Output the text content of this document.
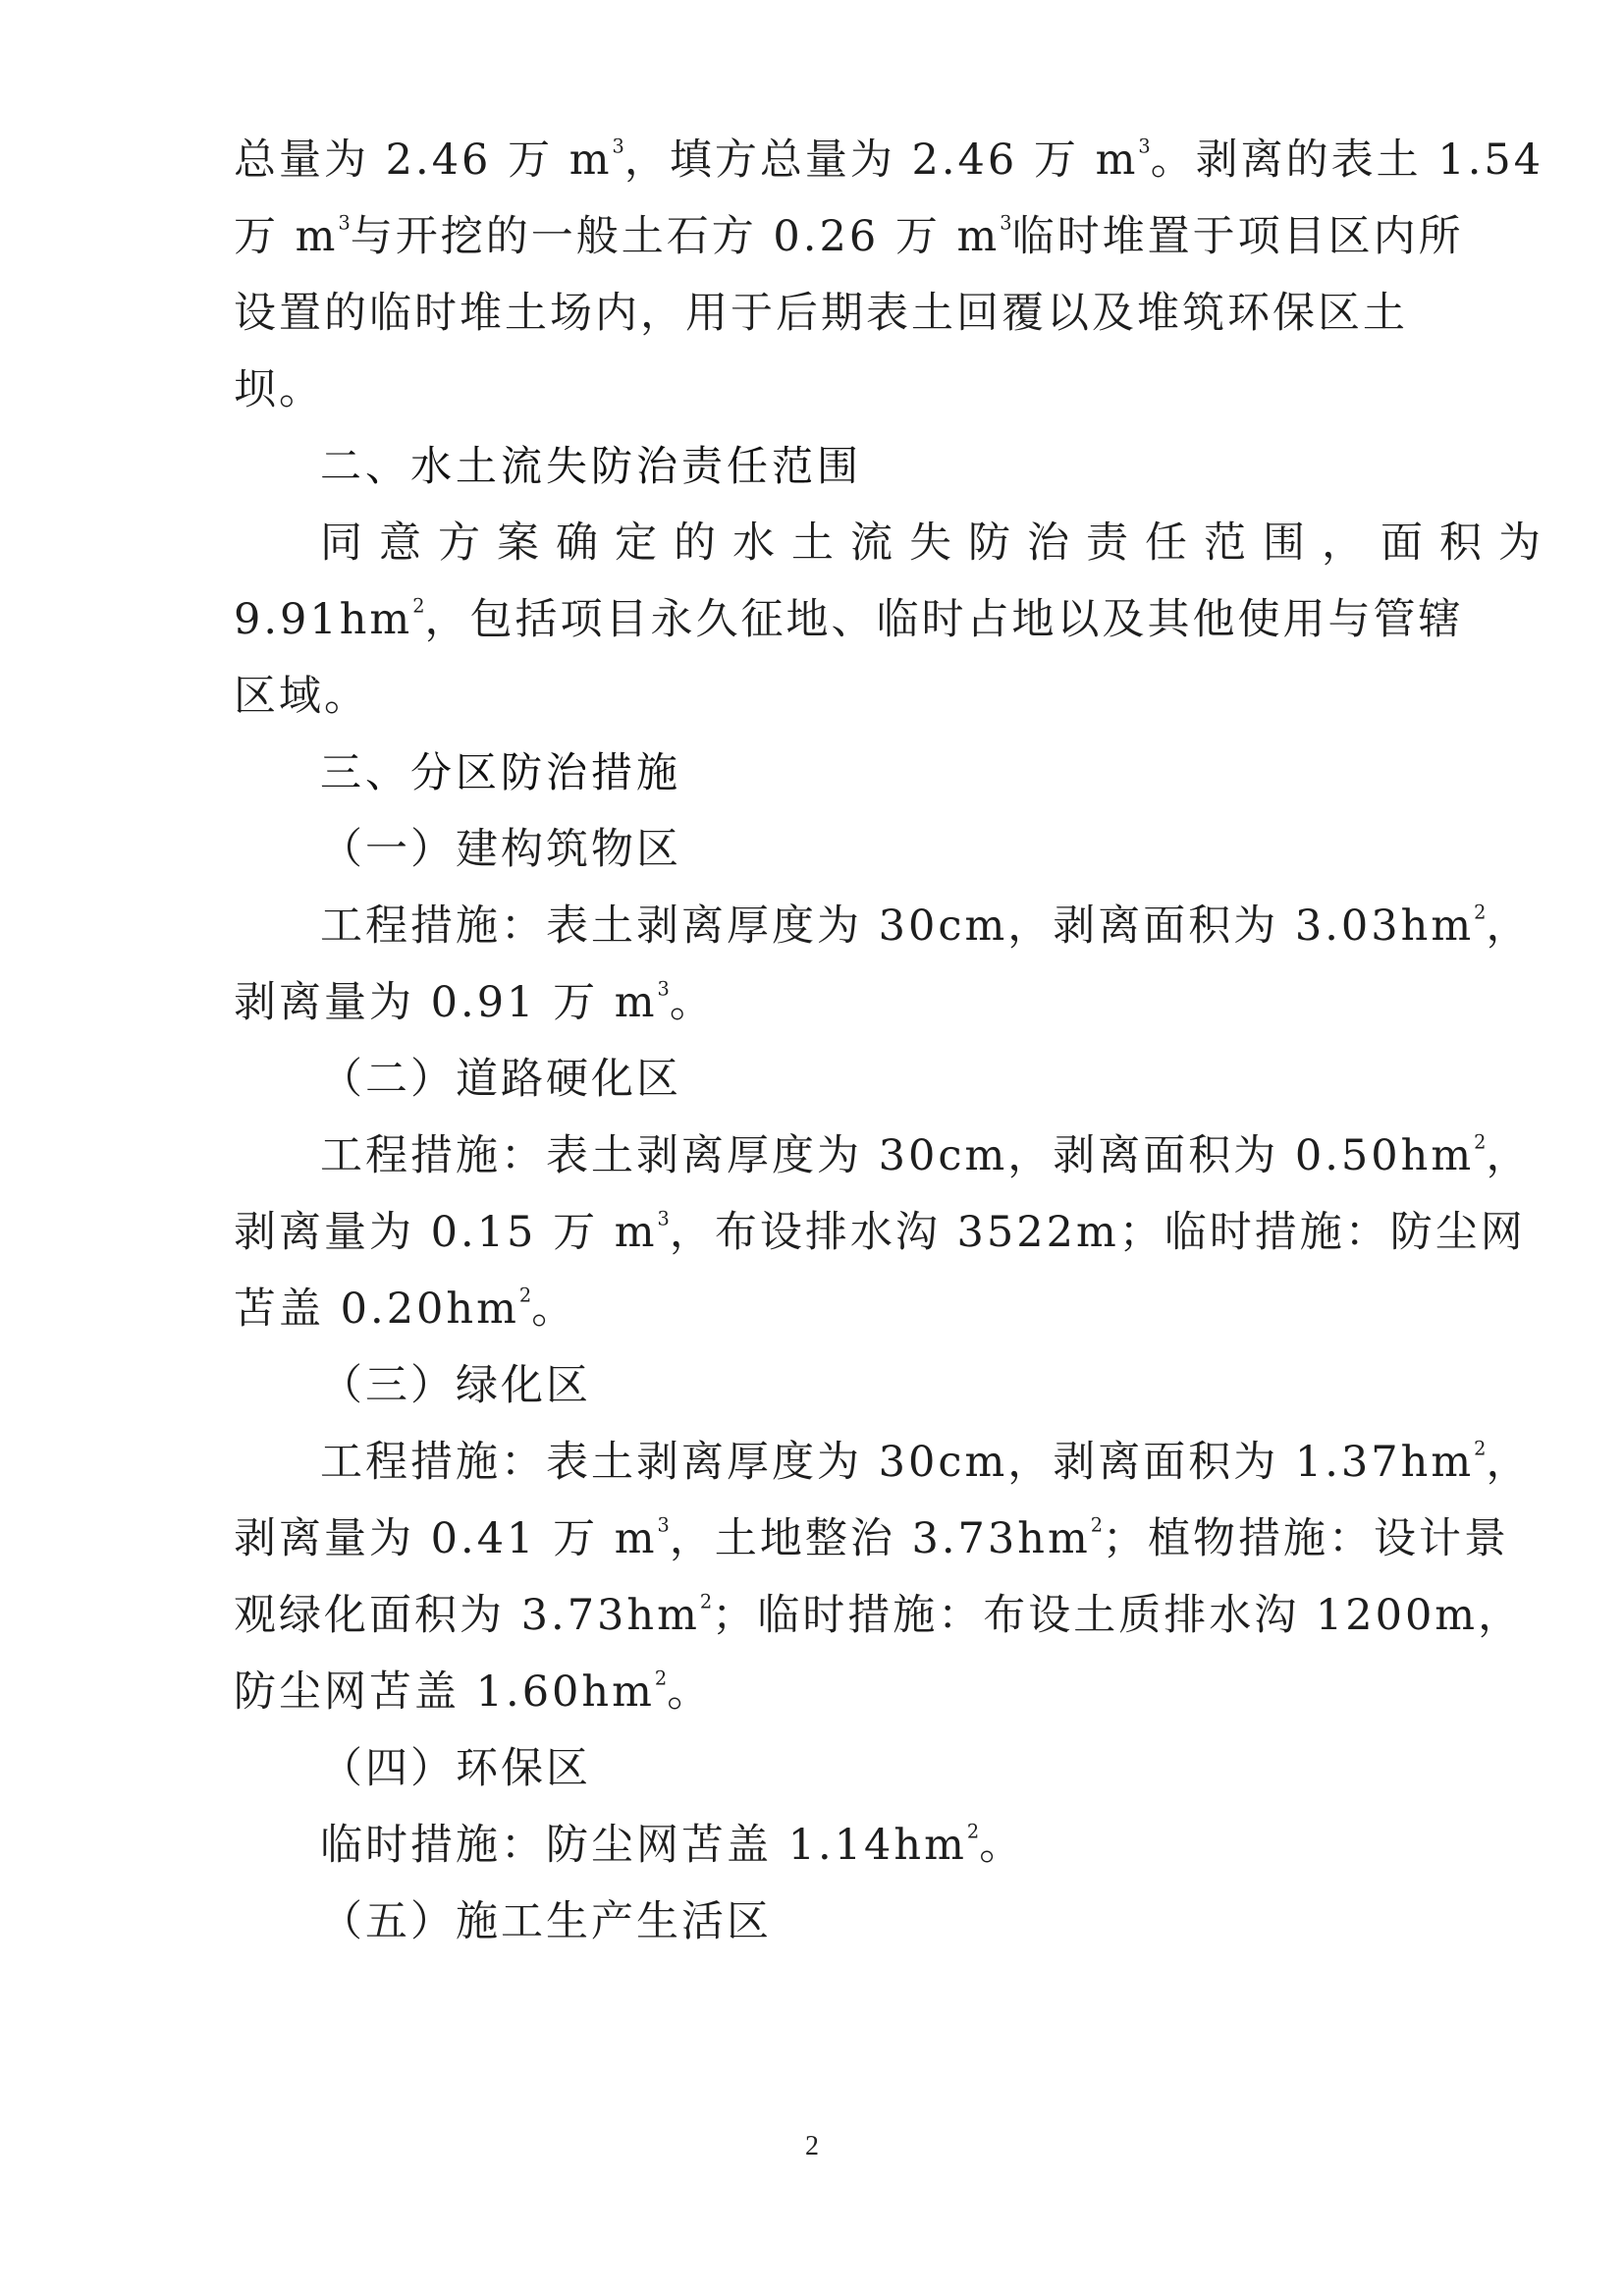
总量为 2.46 万 $m^3$，填方总量为 2.46 万 $m^3$。剥离的表土 1.54
万 $m^3$与开挖的一般土石方 0.26 万 $m^3$临时堆置于项目区内所
设置的临时堆土场内，用于后期表土回覆以及堆筑环保区土
坝。
二、水土流失防治责任范围
同意方案确定的水土流失防治责任范围，面积为
$9.91hm^2$，包括项目永久征地、临时占地以及其他使用与管辖
区域。
三、分区防治措施
（一）建构筑物区
工程措施：表土剥离厚度为 30cm，剥离面积为 $3.03hm^2$，
剥离量为 0.91 万 $m^3$。
（二）道路硬化区
工程措施：表土剥离厚度为 30cm，剥离面积为 $0.50hm^2$，
剥离量为 0.15 万 $m^3$，布设排水沟 3522m；临时措施：防尘网
苫盖 $0.20hm^2$。
（三）绿化区
工程措施：表土剥离厚度为 30cm，剥离面积为 $1.37hm^2$，
剥离量为 0.41 万 $m^3$，土地整治 $3.73hm^2$；植物措施：设计景
观绿化面积为 $3.73hm^2$；临时措施：布设土质排水沟 1200m，
防尘网苫盖 $1.60hm^2$。
（四）环保区
临时措施：防尘网苫盖 $1.14hm^2$。
（五）施工生产生活区
2
